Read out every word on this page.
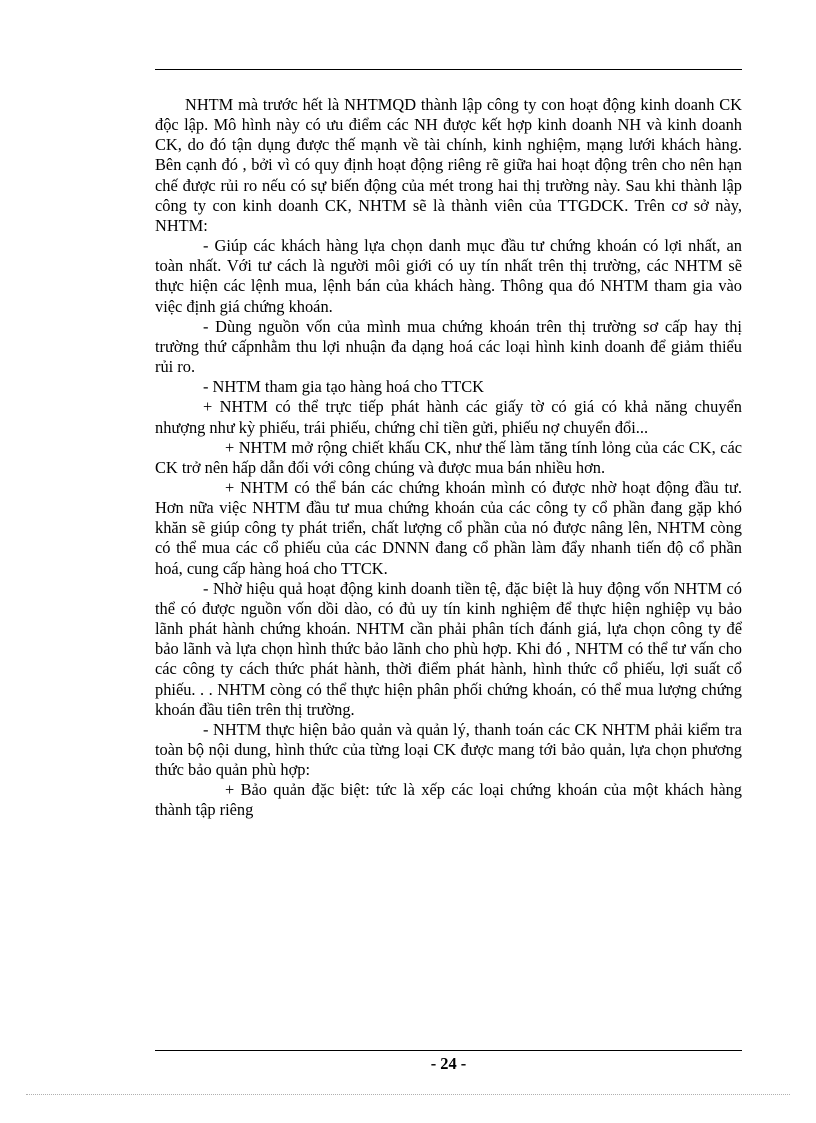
NHTM mà trước hết là NHTMQD thành lập công ty con hoạt động kinh doanh CK độc lập. Mô hình này có ưu điểm các NH được kết hợp kinh doanh NH và kinh doanh CK, do đó tận dụng được thế mạnh về tài chính, kinh nghiệm, mạng lưới khách hàng. Bên cạnh đó , bởi vì có quy định hoạt động riêng rẽ giữa hai hoạt động trên cho nên hạn chế được rủi ro nếu có sự biến động của mét trong hai thị trường này. Sau khi thành lập công ty con kinh doanh CK, NHTM sẽ là thành viên của TTGDCK. Trên cơ sở này, NHTM:

- Giúp các khách hàng lựa chọn danh mục đầu tư chứng khoán có lợi nhất, an toàn nhất. Với tư cách là người môi giới có uy tín nhất trên thị trường, các NHTM sẽ thực hiện các lệnh mua, lệnh bán của khách hàng. Thông qua đó NHTM tham gia vào việc định giá chứng khoán.

- Dùng nguồn vốn của mình mua chứng khoán trên thị trường sơ cấp hay thị trường thứ cấpnhằm thu lợi nhuận đa dạng hoá các loại hình kinh doanh để giảm thiểu rủi ro.

- NHTM tham gia tạo hàng hoá cho TTCK

+ NHTM có thể trực tiếp phát hành các giấy tờ có giá có khả năng chuyển nhượng như kỳ phiếu, trái phiếu, chứng chỉ tiền gửi, phiếu nợ chuyển đổi...

+ NHTM mở rộng chiết khấu CK, như thế làm tăng tính lỏng của các CK, các CK trở nên hấp dẫn đối với công chúng và được mua bán nhiều hơn.

+ NHTM có thể bán các chứng khoán mình có được nhờ hoạt động đầu tư. Hơn nữa việc NHTM đầu tư mua chứng khoán của các công ty cổ phần đang gặp khó khăn sẽ giúp công ty phát triển, chất lượng cổ phần của nó được nâng lên, NHTM còng có thể mua các cổ phiếu của các DNNN đang cổ phần làm đẩy nhanh tiến độ cổ phần hoá, cung cấp hàng hoá cho TTCK.

- Nhờ hiệu quả hoạt động kinh doanh tiền tệ, đặc biệt là huy động vốn NHTM có thể có được nguồn vốn dồi dào, có đủ uy tín kinh nghiệm để thực hiện nghiệp vụ bảo lãnh phát hành chứng khoán. NHTM cần phải phân tích đánh giá, lựa chọn công ty để bảo lãnh và lựa chọn hình thức bảo lãnh cho phù hợp. Khi đó , NHTM có thể tư vấn cho các công ty cách thức phát hành, thời điểm phát hành, hình thức cổ phiếu, lợi suất cổ phiếu. . . NHTM còng có thể thực hiện phân phối chứng khoán, có thể mua lượng chứng khoán đầu tiên trên thị trường.

- NHTM thực hiện bảo quản và quản lý, thanh toán các CK NHTM phải kiểm tra toàn bộ nội dung, hình thức của từng loại CK được mang tới bảo quản, lựa chọn phương thức bảo quản phù hợp:

+ Bảo quản đặc biệt: tức là xếp các loại chứng khoán của một khách hàng thành tập riêng

- 24 -
